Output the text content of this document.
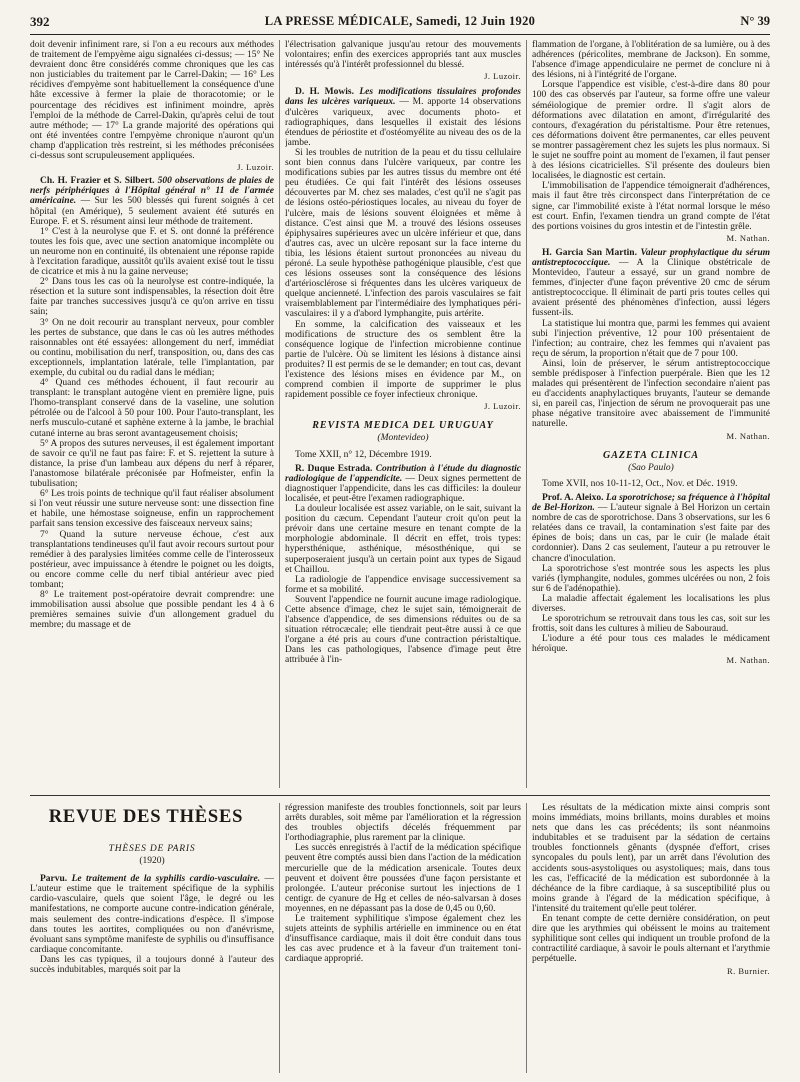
392	LA PRESSE MÉDICALE, Samedi, 12 Juin 1920	N° 39

doit devenir infiniment rare, si l'on a eu recours aux méthodes de traitement de l'empyème aigu signalées ci-dessus; — 15° Ne devraient donc être considérés comme chroniques que les cas non justiciables du traitement par le Carrel-Dakin; — 16° Les récidives d'empyème sont habituellement la conséquence d'une hâte excessive à fermer la plaie de thoracotomie; or le pourcentage des récidives est infiniment moindre, après l'emploi de la méthode de Carrel-Dakin, qu'après celui de tout autre méthode; — 17° La grande majorité des opérations qui ont été inventées contre l'empyème chronique n'auront qu'un champ d'application très restreint, si les méthodes préconisées ci-dessus sont scrupuleusement appliquées.

J. Luzoir.

Ch. H. Frazier et S. Silbert. 500 observations de plaies de nerfs périphériques à l'Hôpital général n° 11 de l'armée américaine. — Sur les 500 blessés qui furent soignés à cet hôpital (en Amérique), 5 seulement avaient été suturés en Europe. F. et S. résument ainsi leur méthode de traitement.

1° C'est à la neurolyse que F. et S. ont donné la préférence toutes les fois que, avec une section anatomique incomplète ou un neurome non en continuité, ils obtenaient une réponse rapide à l'excitation faradique, aussitôt qu'ils avaient exisé tout le tissu de cicatrice et mis à nu la gaine nerveuse;

2° Dans tous les cas où la neurolyse est contre-indiquée, la résection et la suture sont indispensables, la résection doit être faite par tranches successives jusqu'à ce qu'on arrive en tissu sain;

3° On ne doit recourir au transplant nerveux, pour combler les pertes de substance, que dans le cas où les autres méthodes raisonnables ont été essayées: allongement du nerf, immédiat ou continu, mobilisation du nerf, transposition, ou, dans des cas exceptionnels, implantation latérale, telle l'implantation, par exemple, du cubital ou du radial dans le médian;

4° Quand ces méthodes échouent, il faut recourir au transplant: le transplant autogène vient en première ligne, puis l'homo-transplant conservé dans de la vaseline, une solution pétrolée ou de l'alcool à 50 pour 100. Pour l'auto-transplant, les nerfs musculo-cutané et saphène externe à la jambe, le brachial cutané interne au bras seront avantageusement choisis;

5° A propos des sutures nerveuses, il est également important de savoir ce qu'il ne faut pas faire: F. et S. rejettent la suture à distance, la prise d'un lambeau aux dépens du nerf à réparer, l'anastomose bilatérale préconisée par Hofmeister, enfin la tubulisation;

6° Les trois points de technique qu'il faut réaliser absolument si l'on veut réussir une suture nerveuse sont: une dissection fine et habile, une hémostase soigneuse, enfin un rapprochement parfait sans tension excessive des faisceaux nerveux sains;

7° Quand la suture nerveuse échoue, c'est aux transplantations tendineuses qu'il faut avoir recours surtout pour remédier à des paralysies limitées comme celle de l'interosseux postérieur, avec impuissance à étendre le poignet ou les doigts, ou encore comme celle du nerf tibial antérieur avec pied tombant;

8° Le traitement post-opératoire devrait comprendre: une immobilisation aussi absolue que possible pendant les 4 à 6 premières semaines suivie d'un allongement graduel du membre; du massage et de

l'électrisation galvanique jusqu'au retour des mouvements volontaires; enfin des exercices appropriés tant aux muscles intéressés qu'à l'intérêt professionnel du blessé.

J. Luzoir.

D. H. Mowis. Les modifications tissulaires profondes dans les ulcères variqueux. — M. apporte 14 observations d'ulcères variqueux, avec documents photo- et radiographiques, dans lesquelles il existait des lésions étendues de périostite et d'ostéomyélite au niveau des os de la jambe.

Si les troubles de nutrition de la peau et du tissu cellulaire sont bien connus dans l'ulcère variqueux, par contre les modifications subies par les autres tissus du membre ont été peu étudiées. Ce qui fait l'intérêt des lésions osseuses découvertes par M. chez ses malades, c'est qu'il ne s'agit pas de lésions ostéo-périostiques locales, au niveau du foyer de l'ulcère, mais de lésions souvent éloignées et même à distance. C'est ainsi que M. a trouvé des lésions osseuses épiphysaires supérieures avec un ulcère inférieur et que, dans d'autres cas, avec un ulcère reposant sur la face interne du tibia, les lésions étaient surtout prononcées au niveau du péroné. La seule hypothèse pathogénique plausible, c'est que ces lésions osseuses sont la conséquence des lésions d'artériosclérose si fréquentes dans les ulcères variqueux de quelque ancienneté. L'infection des parois vasculaires se fait vraisemblablement par l'intermédiaire des lymphatiques péri-vasculaires: il y a d'abord lymphangite, puis artérite.

En somme, la calcification des vaisseaux et les modifications de structure des os semblent être la conséquence logique de l'infection microbienne continue partie de l'ulcère. Où se limitent les lésions à distance ainsi produites? Il est permis de se le demander; en tout cas, devant l'existence des lésions mises en évidence par M., on comprend combien il importe de supprimer le plus rapidement possible ce foyer infectieux chronique.

J. Luzoir.
REVISTA MEDICA DEL URUGUAY
(Montevideo)

Tome XXII, n° 12, Décembre 1919.

R. Duque Estrada. Contribution à l'étude du diagnostic radiologique de l'appendicite. — Deux signes permettent de diagnostiquer l'appendicite, dans les cas difficiles: la douleur localisée, et peut-être l'examen radiographique.

La douleur localisée est assez variable, on le sait, suivant la position du cæcum. Cependant l'auteur croit qu'on peut la prévoir dans une certaine mesure en tenant compte de la morphologie abdominale. Il décrit en effet, trois types: hypersthénique, asthénique, mésosthénique, qui se superposeraient jusqu'à un certain point aux types de Sigaud et Chaillou.

La radiologie de l'appendice envisage successivement sa forme et sa mobilité.

Souvent l'appendice ne fournit aucune image radiologique. Cette absence d'image, chez le sujet sain, témoignerait de l'absence d'appendice, de ses dimensions réduites ou de sa situation rétrocæcale; elle tiendrait peut-être aussi à ce que l'organe a été pris au cours d'une contraction péristaltique. Dans les cas pathologiques, l'absence d'image peut être attribuée à l'in-

flammation de l'organe, à l'oblitération de sa lumière, ou à des adhérences (péricolites, membrane de Jackson). En somme, l'absence d'image appendiculaire ne permet de conclure ni à des lésions, ni à l'intégrité de l'organe.

Lorsque l'appendice est visible, c'est-à-dire dans 80 pour 100 des cas observés par l'auteur, sa forme offre une valeur séméiologique de premier ordre. Il s'agit alors de déformations avec dilatation en amont, d'irrégularité des contours, d'exagération du péristaltisme. Pour être retenues, ces déformations doivent être permanentes, car elles peuvent se montrer passagèrement chez les sujets les plus normaux. Si le sujet ne souffre point au moment de l'examen, il faut penser à des lésions cicatricielles. S'il présente des douleurs bien localisées, le diagnostic est certain.

L'immobilisation de l'appendice témoignerait d'adhérences, mais il faut être très circonspect dans l'interprétation de ce signe, car l'immobilité existe à l'état normal lorsque le méso est court. Enfin, l'examen tiendra un grand compte de l'état des portions voisines du gros intestin et de l'intestin grêle.

M. Nathan.

H. Garcia San Martin. Valeur prophylactique du sérum antistreptococcique. — A la Clinique obstétricale de Montevideo, l'auteur a essayé, sur un grand nombre de femmes, d'injecter d'une façon préventive 20 cmc de sérum antistreptococcique. Il éliminait de parti pris toutes celles qui avaient présenté des phénomènes d'infection, aussi légers fussent-ils.

La statistique lui montra que, parmi les femmes qui avaient subi l'injection préventive, 12 pour 100 présentaient de l'infection; au contraire, chez les femmes qui n'avaient pas reçu de sérum, la proportion n'était que de 7 pour 100.

Ainsi, loin de préserver, le sérum antistreptococcique semble prédisposer à l'infection puerpérale. Bien que les 12 malades qui présentèrent de l'infection secondaire n'aient pas eu d'accidents anaphylactiques bruyants, l'auteur se demande si, en pareil cas, l'injection de sérum ne provoquerait pas une phase négative transitoire avec abaissement de l'immunité naturelle.

M. Nathan.
GAZETA CLINICA
(Sao Paulo)

Tome XVII, nos 10-11-12, Oct., Nov. et Déc. 1919.

Prof. A. Aleixo. La sporotrichose; sa fréquence à l'hôpital de Bel-Horizon. — L'auteur signale à Bel Horizon un certain nombre de cas de sporotrichose. Dans 3 observations, sur les 6 relatées dans ce travail, la contamination s'est faite par des épines de bois; dans un cas, par le cuir (le malade était cordonnier). Dans 2 cas seulement, l'auteur a pu retrouver le chancre d'inoculation.

La sporotrichose s'est montrée sous les aspects les plus variés (lymphangite, nodules, gommes ulcérées ou non, 2 fois sur 6 de l'adénopathie).

La maladie affectait également les localisations les plus diverses.

Le sporotrichum se retrouvait dans tous les cas, soit sur les frottis, soit dans les cultures à milieu de Sabouraud.

L'iodure a été pour tous ces malades le médicament héroïque.

M. Nathan.
REVUE DES THÈSES
THÈSES DE PARIS
(1920)

Parvu. Le traitement de la syphilis cardio-vasculaire. — L'auteur estime que le traitement spécifique de la syphilis cardio-vasculaire, quels que soient l'âge, le degré ou les manifestations, ne comporte aucune contre-indication générale, mais seulement des contre-indications d'espèce. Il s'impose dans toutes les aortites, compliquées ou non d'anévrisme, évoluant sans symptôme manifeste de syphilis ou d'insuffisance cardiaque concomitante.

Dans les cas typiques, il a toujours donné à l'auteur des succès indubitables, marqués soit par la

régression manifeste des troubles fonctionnels, soit par leurs arrêts durables, soit même par l'amélioration et la régression des troubles objectifs décelés fréquemment par l'orthodiagraphie, plus rarement par la clinique.

Les succès enregistrés à l'actif de la médication spécifique peuvent être comptés aussi bien dans l'action de la médication mercurielle que de la médication arsenicale. Toutes deux peuvent et doivent être poussées d'une façon persistante et prolongée. L'auteur préconise surtout les injections de 1 centigr. de cyanure de Hg et celles de néo-salvarsan à doses moyennes, en ne dépassant pas la dose de 0,45 ou 0,60.

Le traitement syphilitique s'impose également chez les sujets atteints de syphilis artérielle en imminence ou en état d'insuffisance cardiaque, mais il doit être conduit dans tous les cas avec prudence et à la faveur d'un traitement toni-cardiaque approprié.

Les résultats de la médication mixte ainsi compris sont moins immédiats, moins brillants, moins durables et moins nets que dans les cas précédents; ils sont néanmoins indubitables et se traduisent par la sédation de certains troubles fonctionnels gênants (dyspnée d'effort, crises syncopales du pouls lent), par un arrêt dans l'évolution des accidents sous-asystoliques ou asystoliques; mais, dans tous les cas, l'efficacité de la médication est subordonnée à la déchéance de la fibre cardiaque, à sa susceptibilité plus ou moins grande à l'égard de la médication spécifique, à l'intensité du traitement qu'elle peut tolérer.

En tenant compte de cette dernière considération, on peut dire que les arythmies qui obéissent le moins au traitement syphilitique sont celles qui indiquent un trouble profond de la contractilité cardiaque, à savoir le pouls alternant et l'arythmie perpétuelle.

R. Burnier.
